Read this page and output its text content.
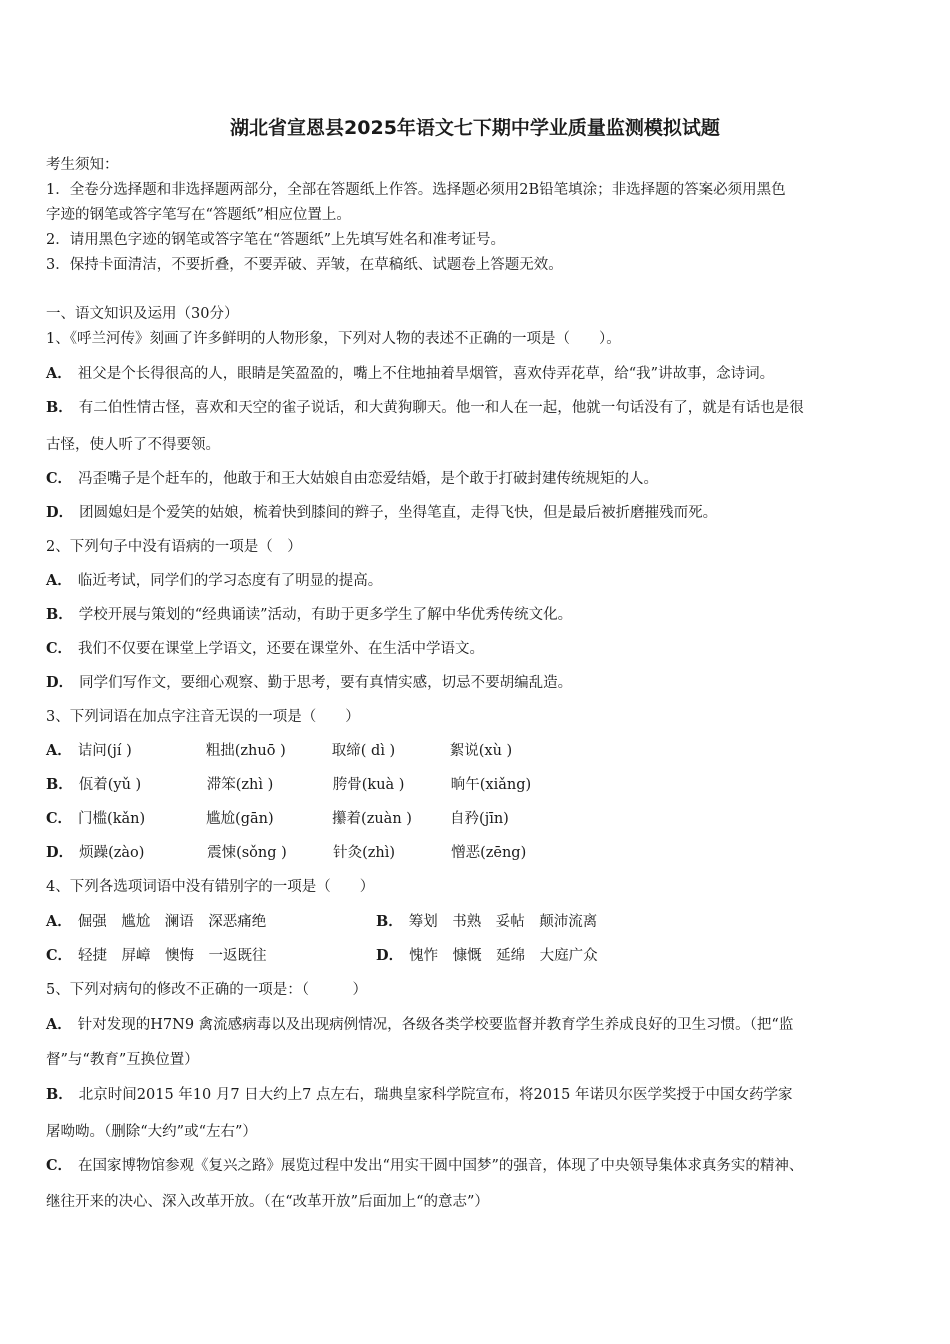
湖北省宣恩县2025年语文七下期中学业质量监测模拟试题
考生须知：
1．全卷分选择题和非选择题两部分，全部在答题纸上作答。选择题必须用2B铅笔填涂；非选择题的答案必须用黑色
字迹的钢笔或答字笔写在“答题纸”相应位置上。
2．请用黑色字迹的钢笔或答字笔在“答题纸”上先填写姓名和准考证号。
3．保持卡面清洁，不要折叠，不要弄破、弄皱，在草稿纸、试题卷上答题无效。
一、语文知识及运用（30分）
1、《呼兰河传》刻画了许多鲜明的人物形象，下列对人物的表述不正确的一项是（　　）。
A． 祖父是个长得很高的人，眼睛是笑盈盈的，嘴上不住地抽着旱烟管，喜欢侍弄花草，给“我”讲故事，念诗词。
B． 有二伯性情古怪，喜欢和天空的雀子说话，和大黄狗聊天。他一和人在一起，他就一句话没有了，就是有话也是很
古怪，使人听了不得要领。
C． 冯歪嘴子是个赶车的，他敢于和王大姑娘自由恋爱结婚，是个敢于打破封建传统规矩的人。
D． 团圆媳妇是个爱笑的姑娘，梳着快到膝间的辫子，坐得笔直，走得飞快，但是最后被折磨摧残而死。
2、下列句子中没有语病的一项是（　）
A． 临近考试，同学们的学习态度有了明显的提高。
B． 学校开展与策划的“经典诵读”活动，有助于更多学生了解中华优秀传统文化。
C． 我们不仅要在课堂上学语文，还要在课堂外、在生活中学语文。
D． 同学们写作文，要细心观察、勤于思考，要有真情实感，切忌不要胡编乱造。
3、下列词语在加点字注音无误的一项是（　　）
A． 诘问(jí )	粗拙(zhuō )	取缔( dì )	絮说(xù )
B． 佤着(yǔ )	滞笨(zhì )	胯骨(kuà )	晌午(xiǎng)
C． 门槛(kǎn)	尴尬(gān)	攥着(zuàn )	自矜(jīn)
D． 烦躁(zào)	震悚(sǒng )	针灸(zhì)	憎恶(zēng)
4、下列各选项词语中没有错别字的一项是（　　）
A． 倔强　尴尬　澜语　深恶痛绝	B． 筹划　书熟　妥帖　颠沛流离
C． 轻捷　屏嶂　懊悔　一返既往	D． 愧怍　慷慨　延绵　大庭广众
5、下列对病句的修改不正确的一项是：（　　　）
A． 针对发现的H7N9 禽流感病毒以及出现病例情况，各级各类学校要监督并教育学生养成良好的卫生习惯。（把“监
督”与“教育”互换位置）
B． 北京时间2015 年10 月7 日大约上7 点左右，瑞典皇家科学院宣布，将2015 年诺贝尔医学奖授于中国女药学家
屠呦呦。（删除“大约”或“左右”）
C． 在国家博物馆参观《复兴之路》展览过程中发出“用实干圆中国梦”的强音，体现了中央领导集体求真务实的精神、
继往开来的决心、深入改革开放。（在“改革开放”后面加上“的意志”）
